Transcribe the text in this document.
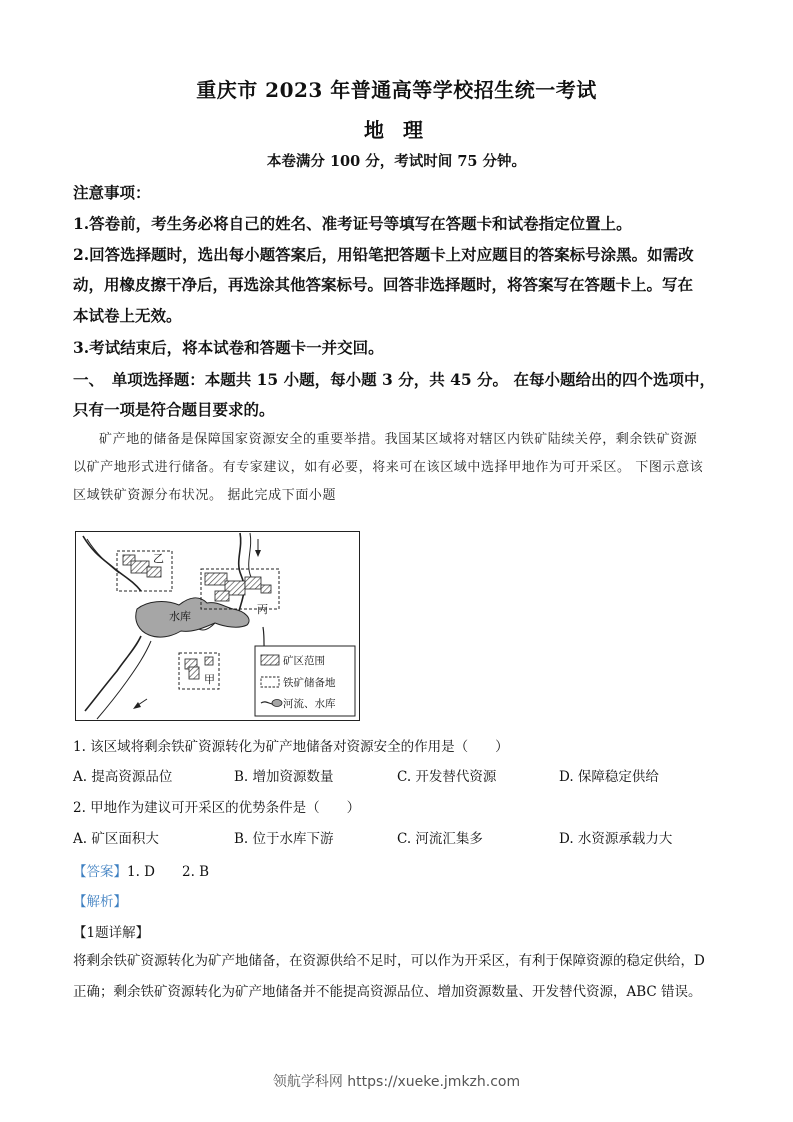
重庆市 2023 年普通高等学校招生统一考试
地 理
本卷满分 100 分，考试时间 75 分钟。
注意事项：
1.答卷前，考生务必将自己的姓名、准考证号等填写在答题卡和试卷指定位置上。
2.回答选择题时，选出每小题答案后，用铅笔把答题卡上对应题目的答案标号涂黑。如需改
动，用橡皮擦干净后，再选涂其他答案标号。回答非选择题时，将答案写在答题卡上。写在
本试卷上无效。
3.考试结束后，将本试卷和答题卡一并交回。
一、　单项选择题：本题共 15 小题，每小题 3 分，共 45 分。 在每小题给出的四个选项中，
只有一项是符合题目要求的。
矿产地的储备是保障国家资源安全的重要举措。我国某区域将对辖区内铁矿陆续关停，剩余铁矿资源
以矿产地形式进行储备。有专家建议，如有必要，将来可在该区域中选择甲地作为可开采区。 下图示意该
区域铁矿资源分布状况。 据此完成下面小题
水库
乙
丙
甲
矿区范围
铁矿储备地
河流、水库
1. 该区域将剩余铁矿资源转化为矿产地储备对资源安全的作用是（　　）
A. 提高资源品位	B. 增加资源数量	C. 开发替代资源	D. 保障稳定供给
2. 甲地作为建议可开采区的优势条件是（　　）
A. 矿区面积大	B. 位于水库下游	C. 河流汇集多	D. 水资源承载力大
【答案】1. D　　2. B
【解析】
【1题详解】
将剩余铁矿资源转化为矿产地储备，在资源供给不足时，可以作为开采区，有利于保障资源的稳定供给，D
正确；剩余铁矿资源转化为矿产地储备并不能提高资源品位、增加资源数量、开发替代资源，ABC 错误。
领航学科网 https://xueke.jmkzh.com
